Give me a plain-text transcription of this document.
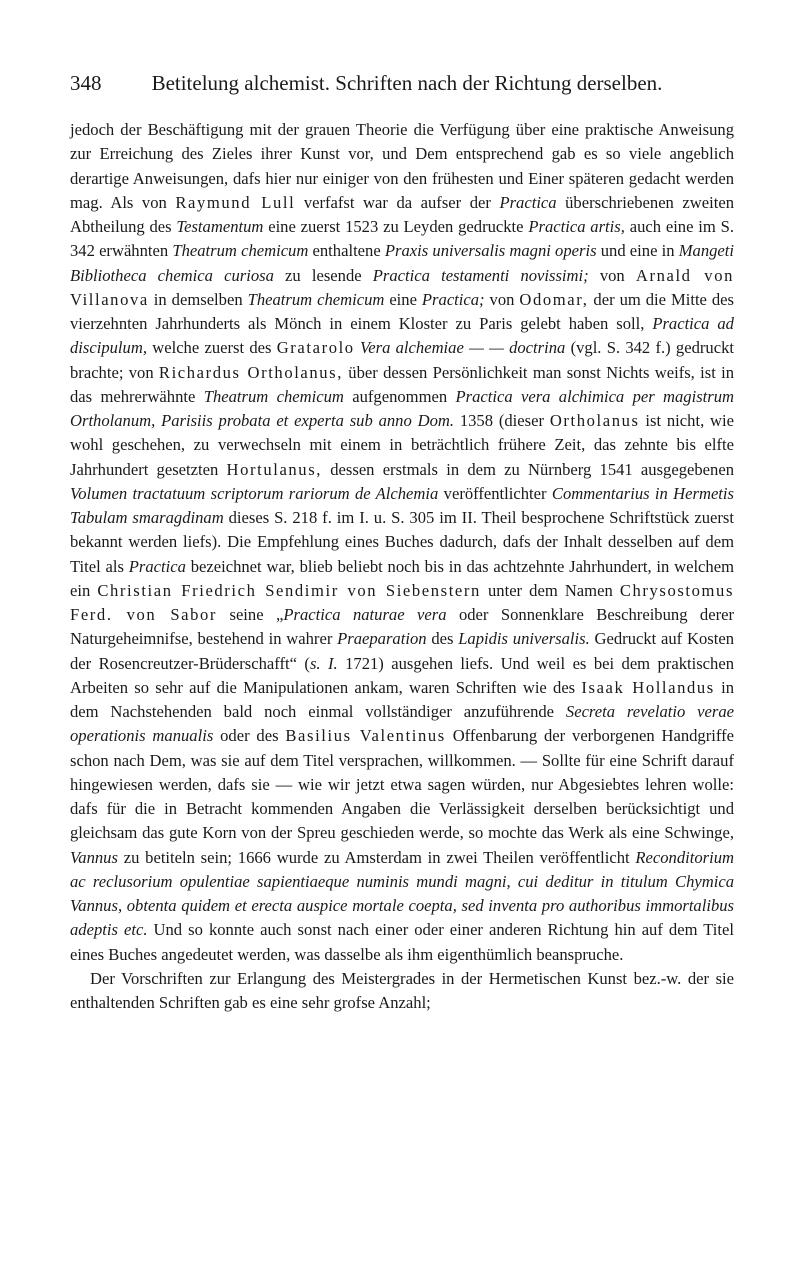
348	Betitelung alchemist. Schriften nach der Richtung derselben.

jedoch der Beschäftigung mit der grauen Theorie die Verfügung über eine praktische Anweisung zur Erreichung des Zieles ihrer Kunst vor, und Dem entsprechend gab es so viele angeblich derartige Anweisungen, dafs hier nur einiger von den frühesten und Einer späteren gedacht werden mag. Als von Raymund Lull verfafst war da aufser der Practica überschriebenen zweiten Abtheilung des Testamentum eine zuerst 1523 zu Leyden gedruckte Practica artis, auch eine im S. 342 erwähnten Theatrum chemicum enthaltene Praxis universalis magni operis und eine in Mangeti Bibliotheca chemica curiosa zu lesende Practica testamenti novissimi; von Arnald von Villanova in demselben Theatrum chemicum eine Practica; von Odomar, der um die Mitte des vierzehnten Jahrhunderts als Mönch in einem Kloster zu Paris gelebt haben soll, Practica ad discipulum, welche zuerst des Gratarolo Vera alchemiae — — doctrina (vgl. S. 342 f.) gedruckt brachte; von Richardus Ortholanus, über dessen Persönlichkeit man sonst Nichts weifs, ist in das mehrerwähnte Theatrum chemicum aufgenommen Practica vera alchimica per magistrum Ortholanum, Parisiis probata et experta sub anno Dom. 1358 (dieser Ortholanus ist nicht, wie wohl geschehen, zu verwechseln mit einem in beträchtlich frühere Zeit, das zehnte bis elfte Jahrhundert gesetzten Hortulanus, dessen erstmals in dem zu Nürnberg 1541 ausgegebenen Volumen tractatuum scriptorum rariorum de Alchemia veröffentlichter Commentarius in Hermetis Tabulam smaragdinam dieses S. 218 f. im I. u. S. 305 im II. Theil besprochene Schriftstück zuerst bekannt werden liefs). Die Empfehlung eines Buches dadurch, dafs der Inhalt desselben auf dem Titel als Practica bezeichnet war, blieb beliebt noch bis in das achtzehnte Jahrhundert, in welchem ein Christian Friedrich Sendimir von Siebenstern unter dem Namen Chrysostomus Ferd. von Sabor seine „Practica naturae vera oder Sonnenklare Beschreibung derer Naturgeheimnifse, bestehend in wahrer Praeparation des Lapidis universalis. Gedruckt auf Kosten der Rosencreutzer-Brüderschafft“ (s. I. 1721) ausgehen liefs. Und weil es bei dem praktischen Arbeiten so sehr auf die Manipulationen ankam, waren Schriften wie des Isaak Hollandus in dem Nachstehenden bald noch einmal vollständiger anzuführende Secreta revelatio verae operationis manualis oder des Basilius Valentinus Offenbarung der verborgenen Handgriffe schon nach Dem, was sie auf dem Titel versprachen, willkommen. — Sollte für eine Schrift darauf hingewiesen werden, dafs sie — wie wir jetzt etwa sagen würden, nur Abgesiebtes lehren wolle: dafs für die in Betracht kommenden Angaben die Verlässigkeit derselben berücksichtigt und gleichsam das gute Korn von der Spreu geschieden werde, so mochte das Werk als eine Schwinge, Vannus zu betiteln sein; 1666 wurde zu Amsterdam in zwei Theilen veröffentlicht Reconditorium ac reclusorium opulentiae sapientiaeque numinis mundi magni, cui deditur in titulum Chymica Vannus, obtenta quidem et erecta auspice mortale coepta, sed inventa pro authoribus immortalibus adeptis etc. Und so konnte auch sonst nach einer oder einer anderen Richtung hin auf dem Titel eines Buches angedeutet werden, was dasselbe als ihm eigenthümlich beanspruche.

Der Vorschriften zur Erlangung des Meistergrades in der Hermetischen Kunst bez.-w. der sie enthaltenden Schriften gab es eine sehr grofse Anzahl;
